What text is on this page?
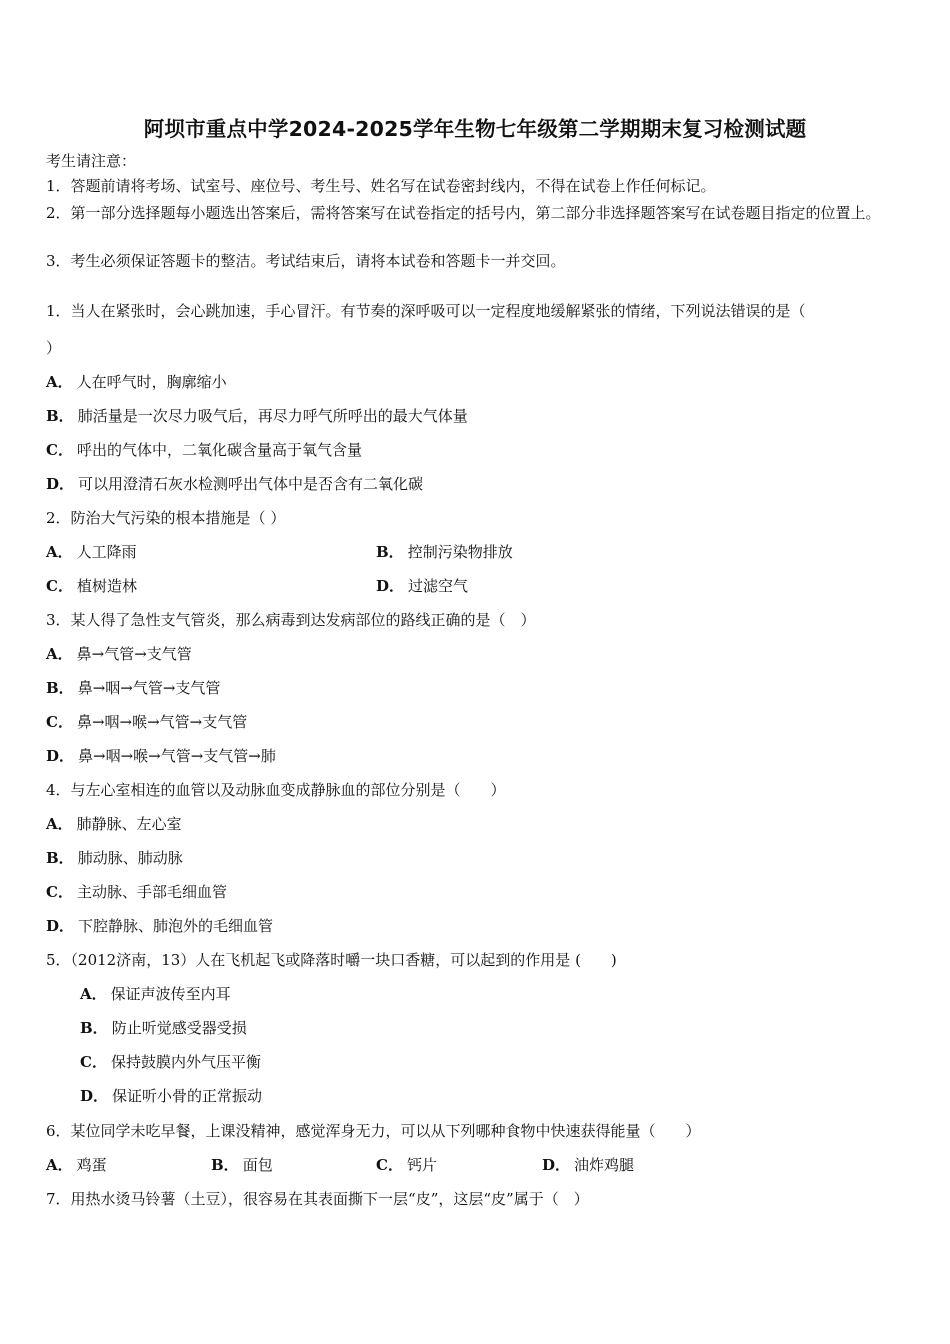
阿坝市重点中学2024-2025学年生物七年级第二学期期末复习检测试题
考生请注意：
1．答题前请将考场、试室号、座位号、考生号、姓名写在试卷密封线内，不得在试卷上作任何标记。
2．第一部分选择题每小题选出答案后，需将答案写在试卷指定的括号内，第二部分非选择题答案写在试卷题目指定的位置上。
3．考生必须保证答题卡的整洁。考试结束后，请将本试卷和答题卡一并交回。
1．当人在紧张时，会心跳加速，手心冒汗。有节奏的深呼吸可以一定程度地缓解紧张的情绪，下列说法错误的是（
）
A． 人在呼气时，胸廓缩小
B． 肺活量是一次尽力吸气后，再尽力呼气所呼出的最大气体量
C． 呼出的气体中，二氧化碳含量高于氧气含量
D． 可以用澄清石灰水检测呼出气体中是否含有二氧化碳
2．防治大气污染的根本措施是（ ）
A． 人工降雨	B． 控制污染物排放
C． 植树造林	D． 过滤空气
3．某人得了急性支气管炎，那么病毒到达发病部位的路线正确的是（　）
A． 鼻→气管→支气管
B． 鼻→咽→气管→支气管
C． 鼻→咽→喉→气管→支气管
D． 鼻→咽→喉→气管→支气管→肺
4．与左心室相连的血管以及动脉血变成静脉血的部位分别是（　　）
A． 肺静脉、左心室
B． 肺动脉、肺动脉
C． 主动脉、手部毛细血管
D． 下腔静脉、肺泡外的毛细血管
5．（2012济南，13）人在飞机起飞或降落时嚼一块口香糖，可以起到的作用是 (　　)
A． 保证声波传至内耳
B． 防止听觉感受器受损
C． 保持鼓膜内外气压平衡
D． 保证听小骨的正常振动
6．某位同学未吃早餐，上课没精神，感觉浑身无力，可以从下列哪种食物中快速获得能量（　　）
A． 鸡蛋	B． 面包	C． 钙片	D． 油炸鸡腿
7．用热水烫马铃薯（土豆），很容易在其表面撕下一层“皮”，这层“皮”属于（　）
